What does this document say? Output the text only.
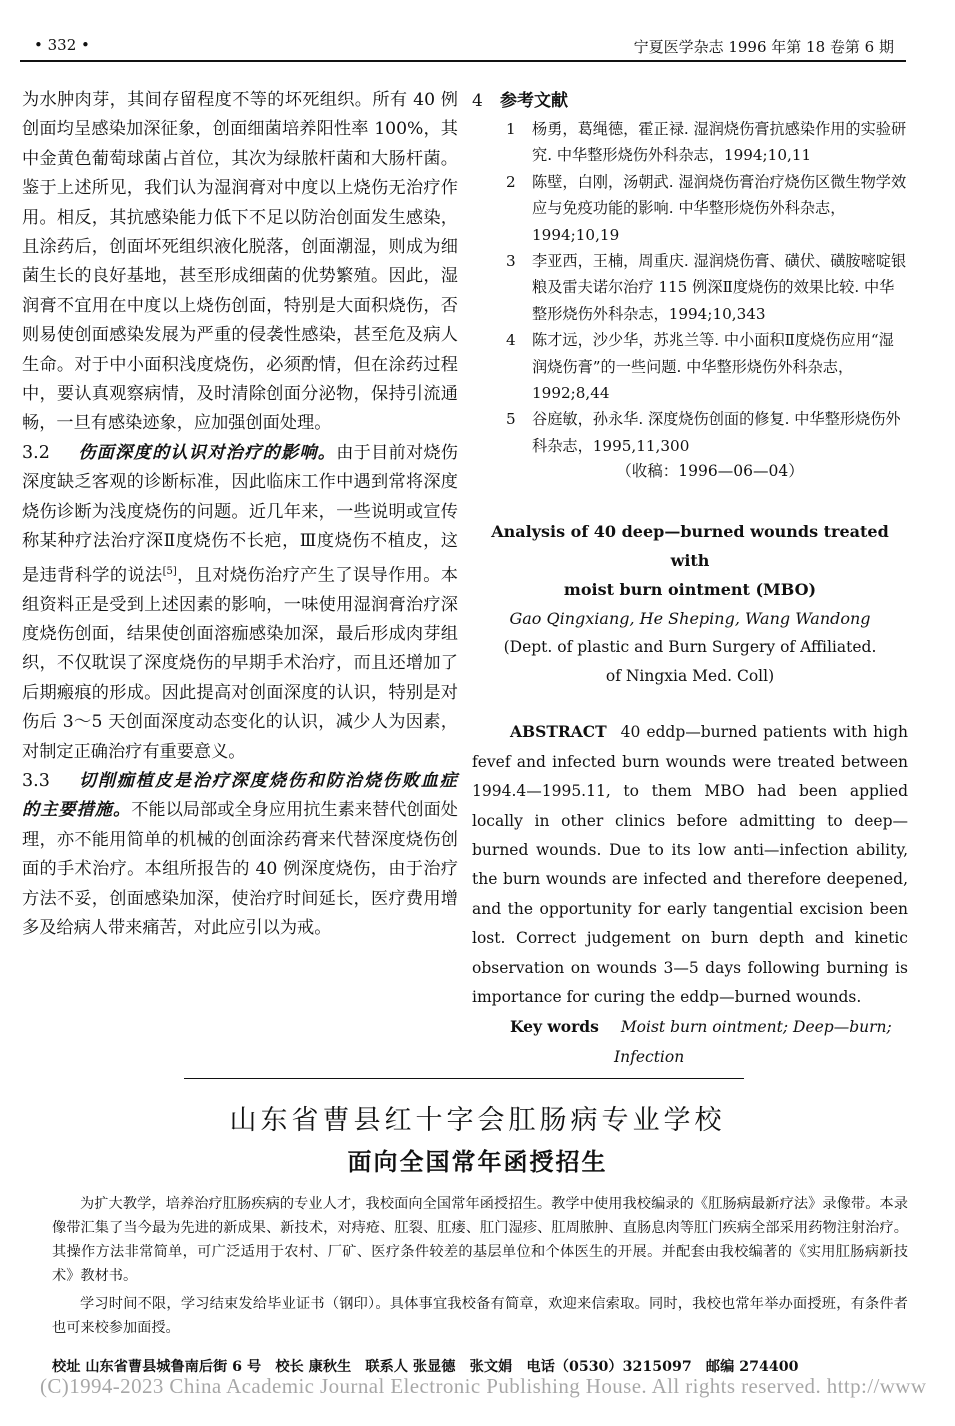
• 332 •	宁夏医学杂志 1996 年第 18 卷第 6 期

为水肿肉芽，其间存留程度不等的坏死组织。所有 40 例创面均呈感染加深征象，创面细菌培养阳性率 100%，其中金黄色葡萄球菌占首位，其次为绿脓杆菌和大肠杆菌。鉴于上述所见，我们认为湿润膏对中度以上烧伤无治疗作用。相反，其抗感染能力低下不足以防治创面发生感染，且涂药后，创面坏死组织液化脱落，创面潮湿，则成为细菌生长的良好基地，甚至形成细菌的优势繁殖。因此，湿润膏不宜用在中度以上烧伤创面，特别是大面积烧伤，否则易使创面感染发展为严重的侵袭性感染，甚至危及病人生命。对于中小面积浅度烧伤，必须酌情，但在涂药过程中，要认真观察病情，及时清除创面分泌物，保持引流通畅，一旦有感染迹象，应加强创面处理。

3.2 伤面深度的认识对治疗的影响。由于目前对烧伤深度缺乏客观的诊断标准，因此临床工作中遇到常将深度烧伤诊断为浅度烧伤的问题。近几年来，一些说明或宣传称某种疗法治疗深Ⅱ度烧伤不长疤，Ⅲ度烧伤不植皮，这是违背科学的说法[5]，且对烧伤治疗产生了误导作用。本组资料正是受到上述因素的影响，一味使用湿润膏治疗深度烧伤创面，结果使创面溶痂感染加深，最后形成肉芽组织，不仅耽误了深度烧伤的早期手术治疗，而且还增加了后期瘢痕的形成。因此提高对创面深度的认识，特别是对伤后 3～5 天创面深度动态变化的认识，减少人为因素，对制定正确治疗有重要意义。

3.3 切削痂植皮是治疗深度烧伤和防治烧伤败血症的主要措施。不能以局部或全身应用抗生素来替代创面处理，亦不能用简单的机械的创面涂药膏来代替深度烧伤创面的手术治疗。本组所报告的 40 例深度烧伤，由于治疗方法不妥，创面感染加深，使治疗时间延长，医疗费用增多及给病人带来痛苦，对此应引以为戒。

4 参考文献

1 杨勇，葛绳德，霍正禄. 湿润烧伤膏抗感染作用的实验研究. 中华整形烧伤外科杂志，1994;10,11

2 陈壁，白刚，汤朝武. 湿润烧伤膏治疗烧伤区微生物学效应与免疫功能的影响. 中华整形烧伤外科杂志，1994;10,19

3 李亚西，王楠，周重庆. 湿润烧伤膏、磺伏、磺胺嘧啶银粮及雷夫诺尔治疗 115 例深Ⅱ度烧伤的效果比较. 中华整形烧伤外科杂志，1994;10,343

4 陈才远，沙少华，苏兆兰等. 中小面积Ⅱ度烧伤应用“湿润烧伤膏”的一些问题. 中华整形烧伤外科杂志，1992;8,44

5 谷庭敏，孙永华. 深度烧伤创面的修复. 中华整形烧伤外科杂志，1995,11,300

（收稿：1996—06—04）

Analysis of 40 deep—burned wounds treated with
moist burn ointment (MBO)
Gao Qingxiang, He Sheping, Wang Wandong
(Dept. of plastic and Burn Surgery of Affiliated.
of Ningxia Med. Coll)
ABSTRACT 40 eddp—burned patients with high fevef and infected burn wounds were treated between 1994.4—1995.11, to them MBO had been applied locally in other clinics before admitting to deep—burned wounds. Due to its low anti—infection ability, the burn wounds are infected and therefore deepened, and the opportunity for early tangential excision been lost. Correct judgement on burn depth and kinetic observation on wounds 3—5 days following burning is importance for curing the eddp—burned wounds.
Key words Moist burn ointment; Deep—burn;
Infection
山东省曹县红十字会肛肠病专业学校
面向全国常年函授招生

为扩大教学，培养治疗肛肠疾病的专业人才，我校面向全国常年函授招生。教学中使用我校编录的《肛肠病最新疗法》录像带。本录像带汇集了当今最为先进的新成果、新技术，对痔疮、肛裂、肛瘘、肛门湿疹、肛周脓肿、直肠息肉等肛门疾病全部采用药物注射治疗。其操作方法非常简单，可广泛适用于农村、厂矿、医疗条件较差的基层单位和个体医生的开展。并配套由我校编著的《实用肛肠病新技术》教材书。

学习时间不限，学习结束发给毕业证书（钢印）。具体事宜我校备有简章，欢迎来信索取。同时，我校也常年举办面授班，有条件者也可来校参加面授。

校址 山东省曹县城鲁南后街 6 号　校长 康秋生　联系人 张显德　张文娟　电话（0530）3215097　邮编 274400
(C)1994-2023 China Academic Journal Electronic Publishing House. All rights reserved. http://www
